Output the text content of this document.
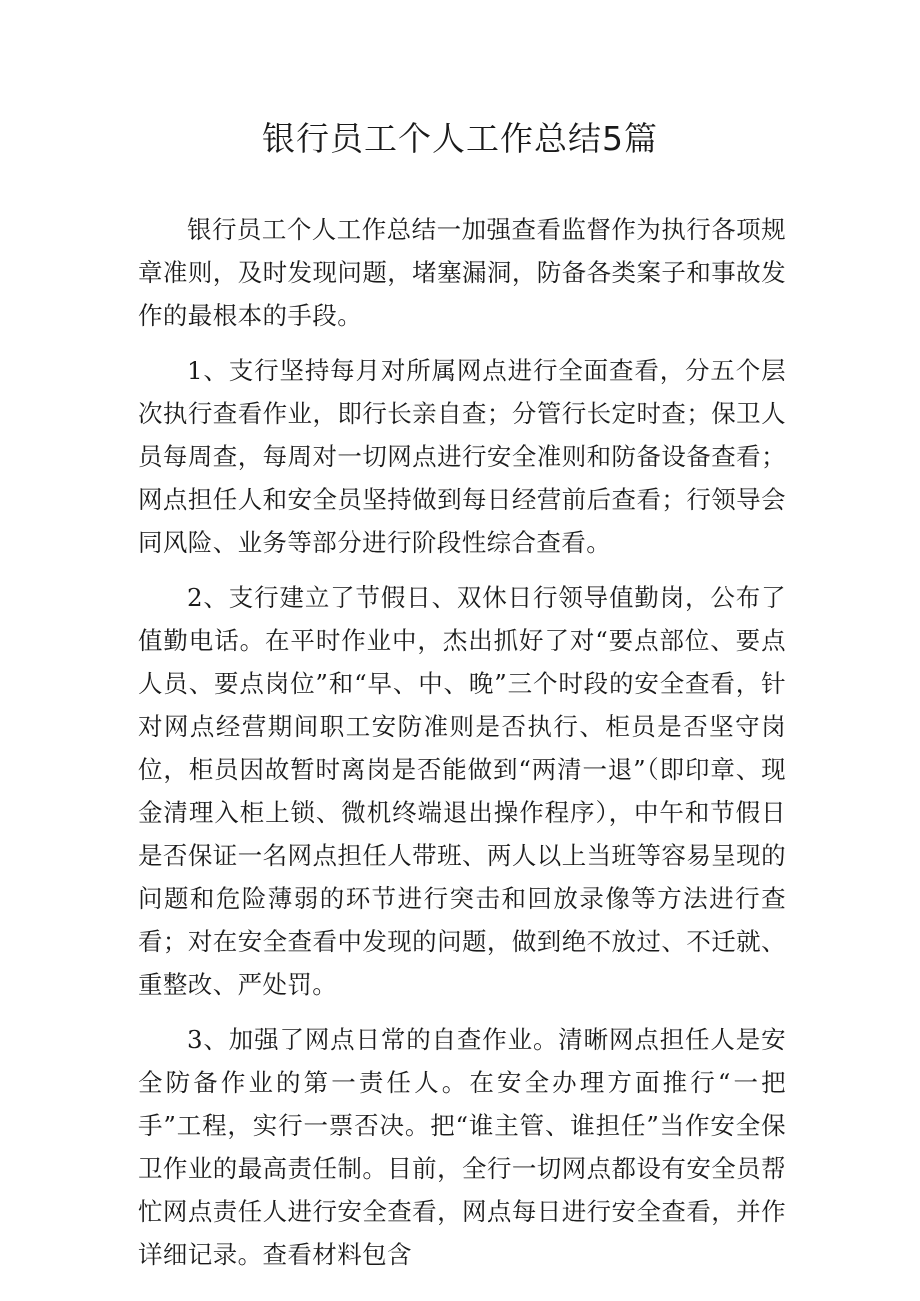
银行员工个人工作总结5篇

银行员工个人工作总结一加强查看监督作为执行各项规章准则，及时发现问题，堵塞漏洞，防备各类案子和事故发作的最根本的手段。

1、支行坚持每月对所属网点进行全面查看，分五个层次执行查看作业，即行长亲自查；分管行长定时查；保卫人员每周查，每周对一切网点进行安全准则和防备设备查看；网点担任人和安全员坚持做到每日经营前后查看；行领导会同风险、业务等部分进行阶段性综合查看。

2、支行建立了节假日、双休日行领导值勤岗，公布了值勤电话。在平时作业中，杰出抓好了对“要点部位、要点人员、要点岗位”和“早、中、晚”三个时段的安全查看，针对网点经营期间职工安防准则是否执行、柜员是否坚守岗位，柜员因故暂时离岗是否能做到“两清一退”（即印章、现金清理入柜上锁、微机终端退出操作程序），中午和节假日是否保证一名网点担任人带班、两人以上当班等容易呈现的问题和危险薄弱的环节进行突击和回放录像等方法进行查看；对在安全查看中发现的问题，做到绝不放过、不迁就、重整改、严处罚。

3、加强了网点日常的自查作业。清晰网点担任人是安全防备作业的第一责任人。在安全办理方面推行“一把手”工程，实行一票否决。把“谁主管、谁担任”当作安全保卫作业的最高责任制。目前，全行一切网点都设有安全员帮忙网点责任人进行安全查看，网点每日进行安全查看，并作详细记录。查看材料包含
